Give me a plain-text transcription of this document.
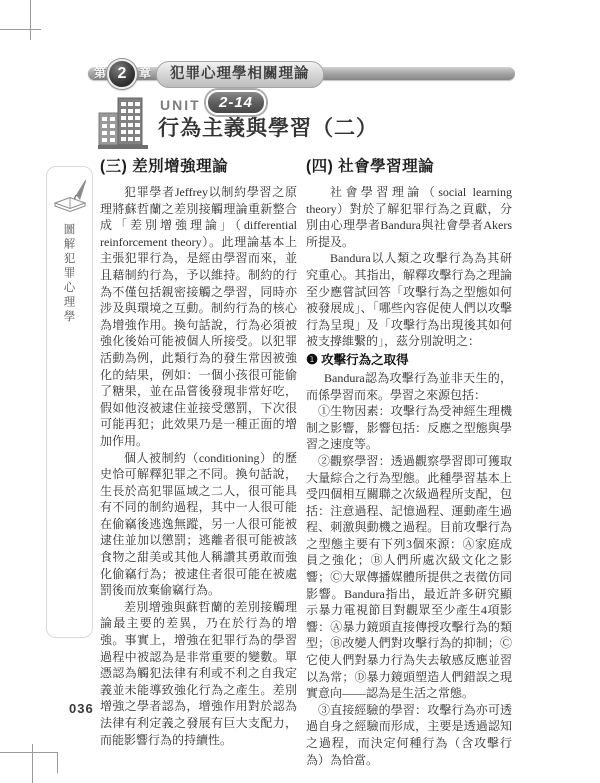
第 2	章	犯罪心理學相關理論
UNIT	2-14
行為主義與學習（二）
圖解犯罪心理學
(三) 差別增強理論

犯罪學者Jeffrey以制約學習之原理將蘇哲蘭之差別接觸理論重新整合成「差別增強理論」（differential reinforcement theory）。此理論基本上主張犯罪行為，是經由學習而來，並且藉制約行為，予以維持。制約的行為不僅包括親密接觸之學習，同時亦涉及與環境之互動。制約行為的核心為增強作用。換句話說，行為必須被強化後始可能被個人所接受。以犯罪活動為例，此類行為的發生常因被強化的結果，例如：一個小孩很可能偷了糖果，並在品嘗後發現非常好吃，假如他沒被逮住並接受懲罰，下次很可能再犯；此效果乃是一種正面的增加作用。

個人被制約（conditioning）的歷史恰可解釋犯罪之不同。換句話說，生長於高犯罪區域之二人，很可能具有不同的制約過程，其中一人很可能在偷竊後逃逸無蹤，另一人很可能被逮住並加以懲罰；逃離者很可能被該食物之甜美或其他人稱讚其勇敢而強化偷竊行為；被逮住者很可能在被處罰後而放棄偷竊行為。

差別增強與蘇哲蘭的差別接觸理論最主要的差異，乃在於行為的增強。事實上，增強在犯罪行為的學習過程中被認為是非常重要的變數。單憑認為觸犯法律有利或不利之自我定義並未能導致強化行為之產生。差別增強之學者認為，增強作用對於認為法律有利定義之發展有巨大支配力，而能影響行為的持續性。

(四) 社會學習理論

社會學習理論（social learning theory）對於了解犯罪行為之貢獻，分別由心理學者Bandura與社會學者Akers所提及。

Bandura以人類之攻擊行為為其研究重心。其指出，解釋攻擊行為之理論至少應嘗試回答「攻擊行為之型態如何被發展成」、「哪些內容促使人們以攻擊行為呈現」及「攻擊行為出現後其如何被支撐維繫的」，茲分別說明之：

❶ 攻擊行為之取得

Bandura認為攻擊行為並非天生的，而係學習而來。學習之來源包括：

①生物因素：攻擊行為受神經生理機制之影響，影響包括：反應之型態與學習之速度等。

②觀察學習：透過觀察學習即可獲取大量綜合之行為型態。此種學習基本上受四個相互關聯之次級過程所支配，包括：注意過程、記憶過程、運動產生過程、刺激與動機之過程。目前攻擊行為之型態主要有下列3個來源：Ⓐ家庭成員之強化；Ⓑ人們所處次級文化之影響；Ⓒ大眾傳播媒體所提供之表徵仿同影響。Bandura指出，最近許多研究顯示暴力電視節目對觀眾至少產生4項影響：Ⓐ暴力鏡頭直接傳授攻擊行為的類型；Ⓑ改變人們對攻擊行為的抑制；Ⓒ它使人們對暴力行為失去敏感反應並習以為常；Ⓓ暴力鏡頭塑造人們錯誤之現實意向——認為是生活之常態。

③直接經驗的學習：攻擊行為亦可透過自身之經驗而形成，主要是透過認知之過程，而決定何種行為（含攻擊行為）為恰當。

036
